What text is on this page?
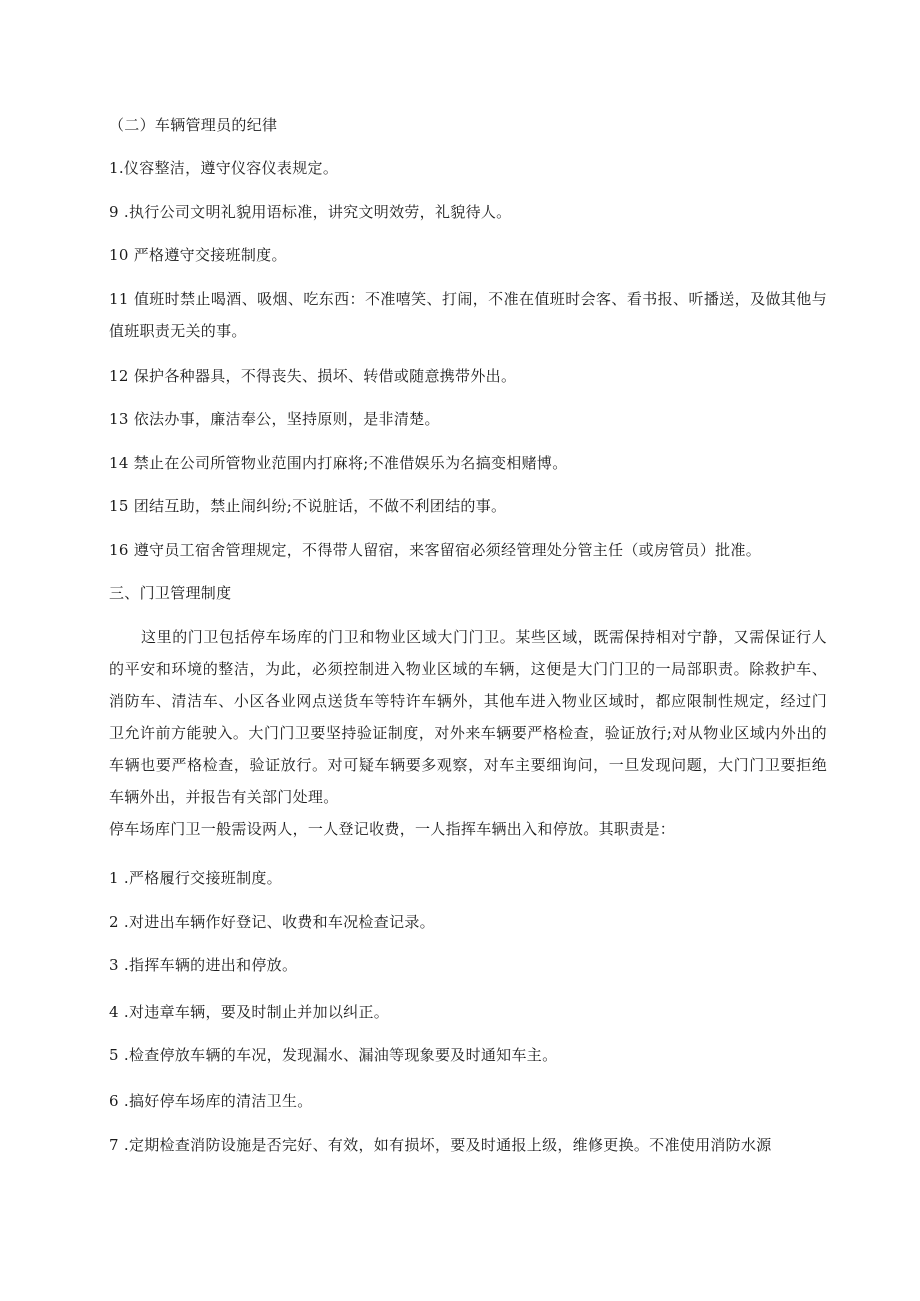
（二）车辆管理员的纪律
1.仪容整洁，遵守仪容仪表规定。
9 .执行公司文明礼貌用语标准，讲究文明效劳，礼貌待人。
10 严格遵守交接班制度。
11 值班时禁止喝酒、吸烟、吃东西：不准嘻笑、打闹，不准在值班时会客、看书报、听播送，及做其他与值班职责无关的事。
12 保护各种器具，不得丧失、损坏、转借或随意携带外出。
13 依法办事，廉洁奉公，坚持原则，是非清楚。
14 禁止在公司所管物业范围内打麻将;不准借娱乐为名搞变相赌博。
15 团结互助，禁止闹纠纷;不说脏话，不做不利团结的事。
16 遵守员工宿舍管理规定，不得带人留宿，来客留宿必须经管理处分管主任（或房管员）批准。
三、门卫管理制度
这里的门卫包括停车场库的门卫和物业区域大门门卫。某些区域，既需保持相对宁静，又需保证行人的平安和环境的整洁，为此，必须控制进入物业区域的车辆，这便是大门门卫的一局部职责。除救护车、消防车、清洁车、小区各业网点送货车等特许车辆外，其他车进入物业区域时，都应限制性规定，经过门卫允许前方能驶入。大门门卫要坚持验证制度，对外来车辆要严格检查，验证放行;对从物业区域内外出的车辆也要严格检查，验证放行。对可疑车辆要多观察，对车主要细询问，一旦发现问题，大门门卫要拒绝车辆外出，并报告有关部门处理。
停车场库门卫一般需设两人，一人登记收费，一人指挥车辆出入和停放。其职责是：
1 .严格履行交接班制度。
2 .对进出车辆作好登记、收费和车况检查记录。
3 .指挥车辆的进出和停放。
4 .对违章车辆，要及时制止并加以纠正。
5 .检查停放车辆的车况，发现漏水、漏油等现象要及时通知车主。
6 .搞好停车场库的清洁卫生。
7 .定期检查消防设施是否完好、有效，如有损坏，要及时通报上级，维修更换。不准使用消防水源
